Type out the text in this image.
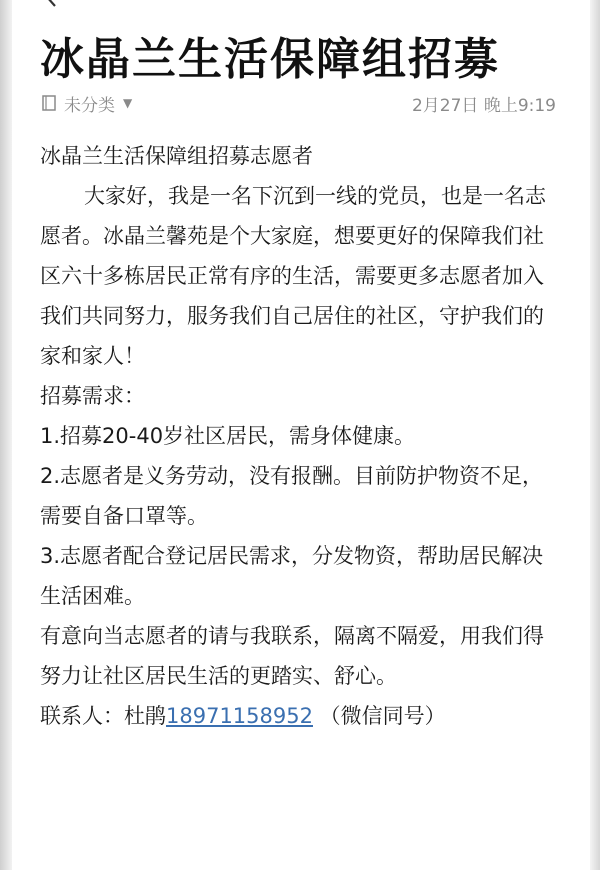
冰晶兰生活保障组招募
未分类 ▼	2月27日 晚上9:19

冰晶兰生活保障组招募志愿者

大家好，我是一名下沉到一线的党员，也是一名志愿者。冰晶兰馨苑是个大家庭，想要更好的保障我们社区六十多栋居民正常有序的生活，需要更多志愿者加入我们共同努力，服务我们自己居住的社区，守护我们的家和家人！

招募需求：

1.招募20-40岁社区居民，需身体健康。

2.志愿者是义务劳动，没有报酬。目前防护物资不足，需要自备口罩等。

3.志愿者配合登记居民需求，分发物资，帮助居民解决生活困难。

有意向当志愿者的请与我联系，隔离不隔爱，用我们得努力让社区居民生活的更踏实、舒心。

联系人：杜鹃18971158952 （微信同号）
